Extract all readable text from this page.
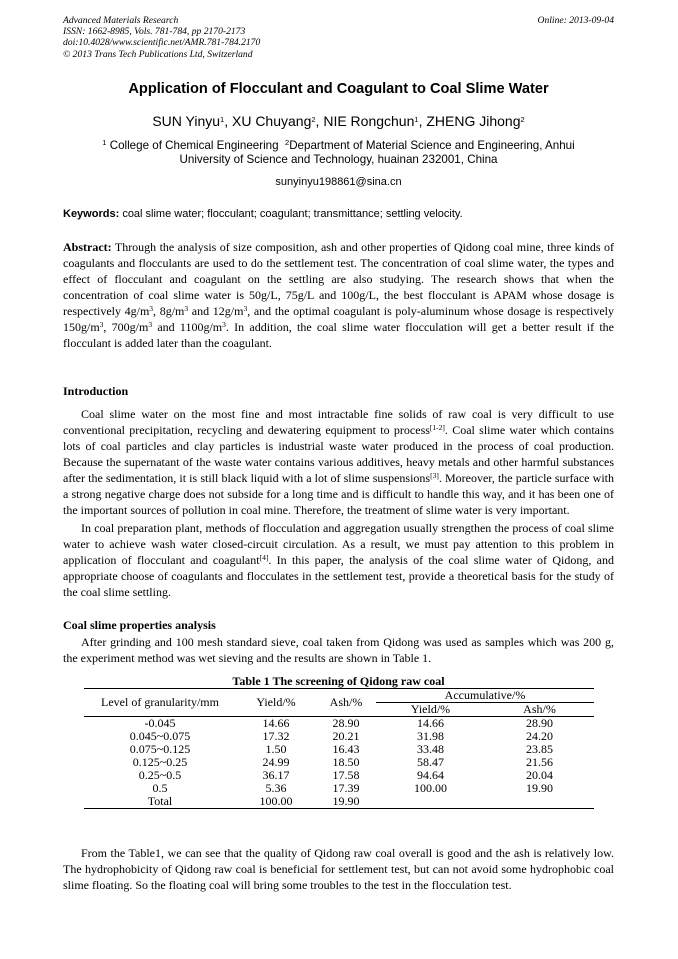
Advanced Materials Research
ISSN: 1662-8985, Vols. 781-784, pp 2170-2173
doi:10.4028/www.scientific.net/AMR.781-784.2170
© 2013 Trans Tech Publications Ltd, Switzerland
Online: 2013-09-04
Application of Flocculant and Coagulant to Coal Slime Water
SUN Yinyu$^1$, XU Chuyang$^2$, NIE Rongchun$^1$, ZHENG Jihong$^2$
$^1$ College of Chemical Engineering $^2$Department of Material Science and Engineering, Anhui
University of Science and Technology, huainan 232001, China
sunyinyu198861@sina.cn
Keywords: coal slime water; flocculant; coagulant; transmittance; settling velocity.

Abstract: Through the analysis of size composition, ash and other properties of Qidong coal mine, three kinds of coagulants and flocculants are used to do the settlement test. The concentration of coal slime water, the types and effect of flocculant and coagulant on the settling are also studying. The research shows that when the concentration of coal slime water is 50g/L, 75g/L and 100g/L, the best flocculant is APAM whose dosage is respectively $4g/m^3$, $8g/m^3$ and $12g/m^3$, and the optimal coagulant is poly-aluminum whose dosage is respectively $150g/m^3$, $700g/m^3$ and $1100g/m^3$. In addition, the coal slime water flocculation will get a better result if the flocculant is added later than the coagulant.

Introduction

Coal slime water on the most fine and most intractable fine solids of raw coal is very difficult to use conventional precipitation, recycling and dewatering equipment to process[1-2]. Coal slime water which contains lots of coal particles and clay particles is industrial waste water produced in the process of coal production. Because the supernatant of the waste water contains various additives, heavy metals and other harmful substances after the sedimentation, it is still black liquid with a lot of slime suspensions[3]. Moreover, the particle surface with a strong negative charge does not subside for a long time and is difficult to handle this way, and it has been one of the important sources of pollution in coal mine. Therefore, the treatment of slime water is very important.

In coal preparation plant, methods of flocculation and aggregation usually strengthen the process of coal slime water to achieve wash water closed-circuit circulation. As a result, we must pay attention to this problem in application of flocculant and coagulant[4]. In this paper, the analysis of the coal slime water of Qidong, and appropriate choose of coagulants and flocculates in the settlement test, provide a theoretical basis for the study of the coal slime settling.

Coal slime properties analysis

After grinding and 100 mesh standard sieve, coal taken from Qidong was used as samples which was 200 g, the experiment method was wet sieving and the results are shown in Table 1.

Table 1 The screening of Qidong raw coal
Level of granularity/mm	Yield/%	Ash/%	Accumulative/%	
			Yield/%	Ash/%
-0.045	14.66	28.90	14.66	28.90
0.045~0.075	17.32	20.21	31.98	24.20
0.075~0.125	1.50	16.43	33.48	23.85
0.125~0.25	24.99	18.50	58.47	21.56
0.25~0.5	36.17	17.58	94.64	20.04
0.5	5.36	17.39	100.00	19.90
Total	100.00	19.90		

From the Table1, we can see that the quality of Qidong raw coal overall is good and the ash is relatively low. The hydrophobicity of Qidong raw coal is beneficial for settlement test, but can not avoid some hydrophobic coal slime floating. So the floating coal will bring some troubles to the test in the flocculation test.
